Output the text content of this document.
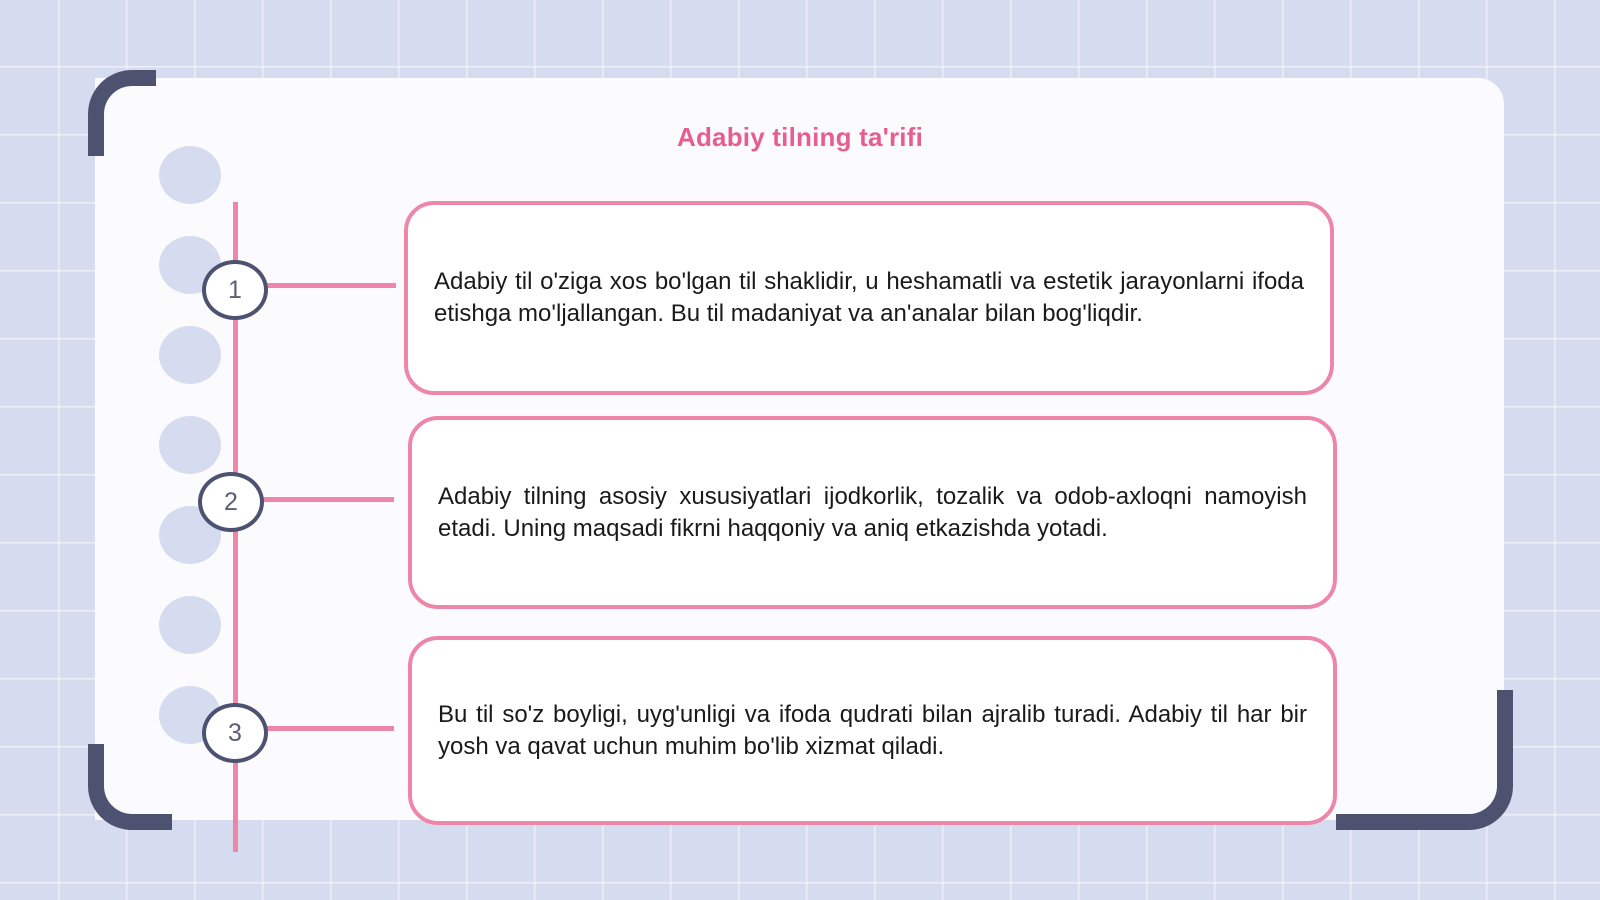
Adabiy tilning ta'rifi
1	Adabiy til o'ziga xos bo'lgan til shaklidir, u heshamatli va estetik jarayonlarni ifoda etishga mo'ljallangan. Bu til madaniyat va an'analar bilan bog'liqdir.
2	Adabiy tilning asosiy xususiyatlari ijodkorlik, tozalik va odob-axloqni namoyish etadi. Uning maqsadi fikrni haqqoniy va aniq etkazishda yotadi.
3
Bu til so'z boyligi, uyg'unligi va ifoda qudrati bilan ajralib turadi. Adabiy til har bir yosh va qavat uchun muhim bo'lib xizmat qiladi.
